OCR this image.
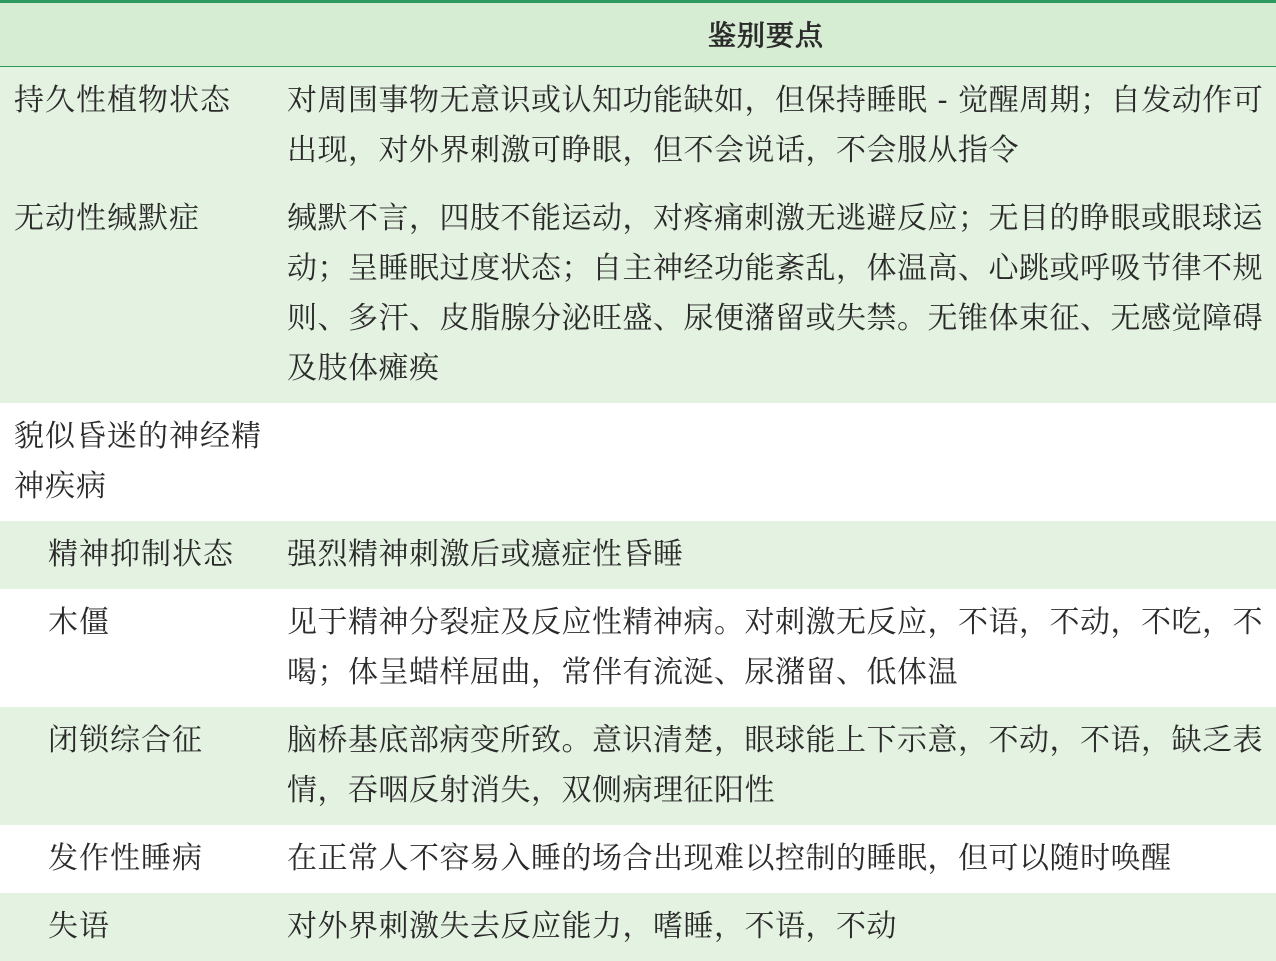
	鉴别要点
持久性植物状态	对周围事物无意识或认知功能缺如，但保持睡眠 - 觉醒周期；自发动作可出现，对外界刺激可睁眼，但不会说话，不会服从指令
无动性缄默症	缄默不言，四肢不能运动，对疼痛刺激无逃避反应；无目的睁眼或眼球运动；呈睡眠过度状态；自主神经功能紊乱，体温高、心跳或呼吸节律不规则、多汗、皮脂腺分泌旺盛、尿便潴留或失禁。无锥体束征、无感觉障碍及肢体瘫痪
貌似昏迷的神经精神疾病	
精神抑制状态	强烈精神刺激后或癔症性昏睡
木僵	见于精神分裂症及反应性精神病。对刺激无反应，不语，不动，不吃，不喝；体呈蜡样屈曲，常伴有流涎、尿潴留、低体温
闭锁综合征	脑桥基底部病变所致。意识清楚，眼球能上下示意，不动，不语，缺乏表情，吞咽反射消失，双侧病理征阳性
发作性睡病	在正常人不容易入睡的场合出现难以控制的睡眠，但可以随时唤醒
失语	对外界刺激失去反应能力，嗜睡，不语，不动
